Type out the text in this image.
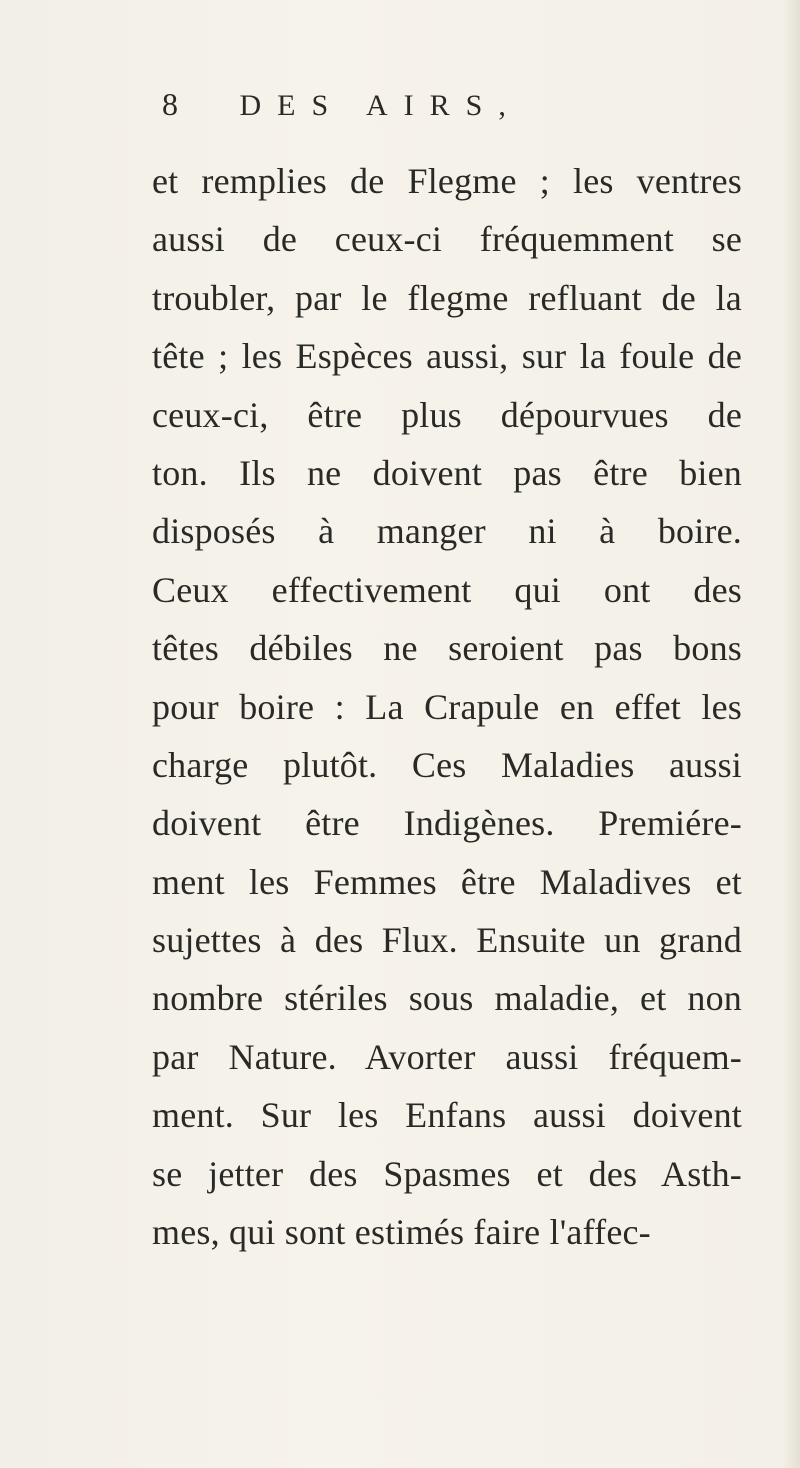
8 DES AIRS,
et remplies de Flegme ; les ventres
aussi de ceux-ci fréquemment se
troubler, par le flegme refluant de la
tête ; les Espèces aussi, sur la foule de
ceux-ci, être plus dépourvues de
ton. Ils ne doivent pas être bien
disposés à manger ni à boire.
Ceux effectivement qui ont des
têtes débiles ne seroient pas bons
pour boire : La Crapule en effet les
charge plutôt. Ces Maladies aussi
doivent être Indigènes. Premiére-
ment les Femmes être Maladives et
sujettes à des Flux. Ensuite un grand
nombre stériles sous maladie, et non
par Nature. Avorter aussi fréquem-
ment. Sur les Enfans aussi doivent
se jetter des Spasmes et des Asth-
mes, qui sont estimés faire l'affec-
